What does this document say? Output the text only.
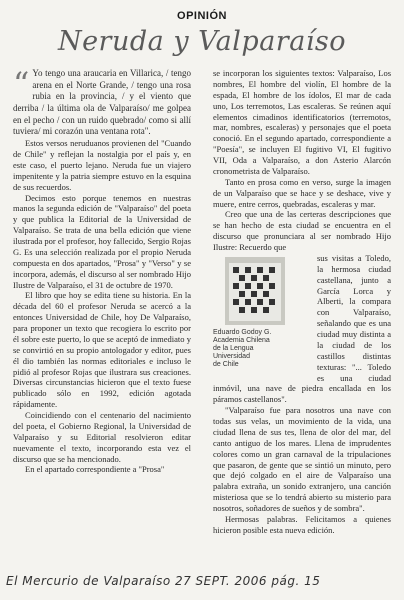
OPINIÓN
Neruda y Valparaíso
“ Yo tengo una araucaria en Villarica, / tengo arena en el Norte Grande, / tengo una rosa rubia en la provincia, / y el viento que derriba / la última ola de Valparaíso/ me golpea en el pecho / con un ruido quebrado/ como si allí tuviera/ mi corazón una ventana rota".

Estos versos neruduanos provienen del "Cuando de Chile" y reflejan la nostalgia por el país y, en este caso, el puerto lejano. Neruda fue un viajero impenitente y la patria siempre estuvo en la esquina de sus recuerdos.

Decimos esto porque tenemos en nuestras manos la segunda edición de "Valparaíso" del poeta y que publica la Editorial de la Universidad de Valparaíso. Se trata de una bella edición que viene ilustrada por el profesor, hoy fallecido, Sergio Rojas G. Es una selección realizada por el propio Neruda compuesta en dos apartados, "Prosa" y "Verso" y se incorpora, además, el discurso al ser nombrado Hijo Ilustre de Valparaíso, el 31 de octubre de 1970.

El libro que hoy se edita tiene su historia. En la década del 60 el profesor Neruda se acercó a la entonces Universidad de Chile, hoy De Valparaíso, para proponer un texto que recogiera lo escrito por él sobre este puerto, lo que se aceptó de inmediato y se convirtió en su propio antologador y editor, pues él dio también las normas editoriales e incluso le pidió al profesor Rojas que ilustrara sus creaciones. Diversas circunstancias hicieron que el texto fuese publicado sólo en 1992, edición agotada rápidamente.

Coincidiendo con el centenario del nacimiento del poeta, el Gobierno Regional, la Universidad de Valparaíso y su Editorial resolvieron editar nuevamente el texto, incorporando esta vez el discurso que se ha mencionado.

En el apartado correspondiente a "Prosa"

se incorporan los siguientes textos: Valparaíso, Los nombres, El hombre del violín, El hombre de la espada, El hombre de los ídolos, El mar de cada uno, Los terremotos, Las escaleras. Se reúnen aquí elementos cimadinos identificatorios (terremotos, mar, nombres, escaleras) y personajes que el poeta conoció. En el segundo apartado, correspondiente a "Poesía", se incluyen El fugitivo VI, El fugitivo VII, Oda a Valparaíso, a don Asterio Alarcón cronometrista de Valparaíso.

Tanto en prosa como en verso, surge la imagen de un Valparaíso que se hace y se deshace, vive y muere, entre cerros, quebradas, escaleras y mar.

Creo que una de las certeras descripciones que se han hecho de esta ciudad se encuentra en el discurso que pronunciara al ser nombrado Hijo Ilustre: Recuerdo que

Eduardo Godoy G.
Academia Chilena
de la Lengua
Universidad
de Chile

sus visitas a Toledo, la hermosa ciudad castellana, junto a García Lorca y Alberti, la compara con Valparaíso, señalando que es una ciudad muy distinta a la ciudad de los castillos distintas texturas: "... Toledo es una ciudad inmóvil, una nave de piedra encallada en los páramos castellanos".

"Valparaíso fue para nosotros una nave con todas sus velas, un movimiento de la vida, una ciudad llena de sus tes, llena de olor del mar, del canto antiguo de los mares. Llena de imprudentes colores como un gran carnaval de la tripulaciones que pasaron, de gente que se sintió un minuto, pero que dejó colgado en el aire de Valparaíso una palabra extraña, un sonido extranjero, una canción misteriosa que se lo tendrá abierto su misterio para nosotros, soñadores de sueños y de sombra".

Hermosas palabras. Felicitamos a quienes hicieron posible esta nueva edición.

El Mercurio de Valparaíso 27 SEPT. 2006 pág. 15
